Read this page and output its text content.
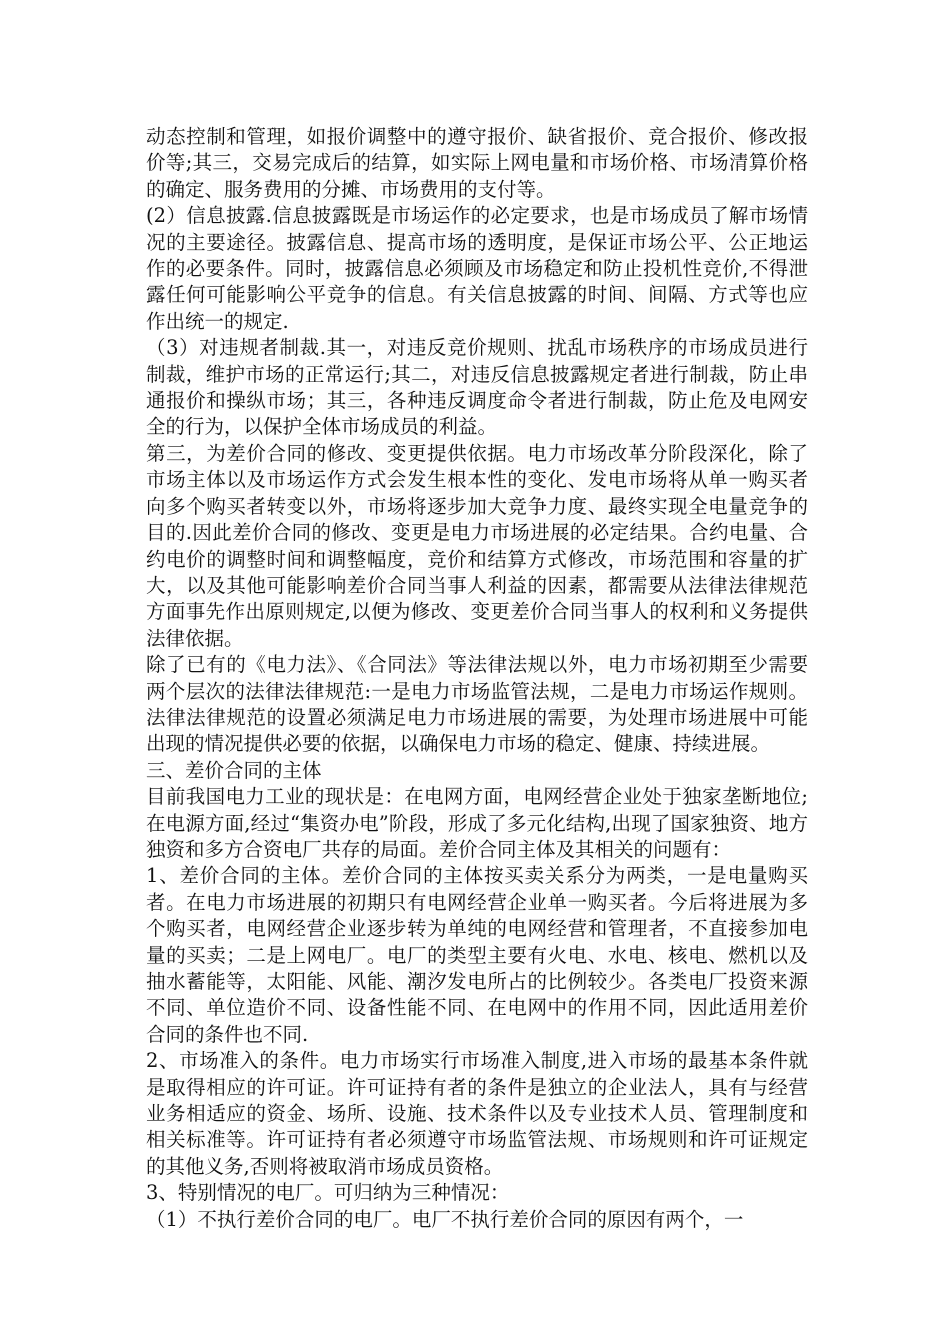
动态控制和管理，如报价调整中的遵守报价、缺省报价、竞合报价、修改报价等;其三，交易完成后的结算，如实际上网电量和市场价格、市场清算价格的确定、服务费用的分摊、市场费用的支付等。

(2）信息披露.信息披露既是市场运作的必定要求，也是市场成员了解市场情况的主要途径。披露信息、提高市场的透明度，是保证市场公平、公正地运作的必要条件。同时，披露信息必须顾及市场稳定和防止投机性竞价,不得泄露任何可能影响公平竞争的信息。有关信息披露的时间、间隔、方式等也应作出统一的规定.

（3）对违规者制裁.其一，对违反竞价规则、扰乱市场秩序的市场成员进行制裁，维护市场的正常运行;其二，对违反信息披露规定者进行制裁，防止串通报价和操纵市场；其三，各种违反调度命令者进行制裁，防止危及电网安全的行为，以保护全体市场成员的利益。

第三，为差价合同的修改、变更提供依据。电力市场改革分阶段深化，除了市场主体以及市场运作方式会发生根本性的变化、发电市场将从单一购买者向多个购买者转变以外，市场将逐步加大竞争力度、最终实现全电量竞争的目的.因此差价合同的修改、变更是电力市场进展的必定结果。合约电量、合约电价的调整时间和调整幅度，竞价和结算方式修改，市场范围和容量的扩大，以及其他可能影响差价合同当事人利益的因素，都需要从法律法律规范方面事先作出原则规定,以便为修改、变更差价合同当事人的权利和义务提供法律依据。

除了已有的《电力法》、《合同法》等法律法规以外，电力市场初期至少需要两个层次的法律法律规范:一是电力市场监管法规，二是电力市场运作规则。法律法律规范的设置必须满足电力市场进展的需要，为处理市场进展中可能出现的情况提供必要的依据，以确保电力市场的稳定、健康、持续进展。

三、差价合同的主体

目前我国电力工业的现状是：在电网方面，电网经营企业处于独家垄断地位;在电源方面,经过“集资办电”阶段，形成了多元化结构,出现了国家独资、地方独资和多方合资电厂共存的局面。差价合同主体及其相关的问题有：

1、差价合同的主体。差价合同的主体按买卖关系分为两类，一是电量购买者。在电力市场进展的初期只有电网经营企业单一购买者。今后将进展为多个购买者，电网经营企业逐步转为单纯的电网经营和管理者，不直接参加电量的买卖；二是上网电厂。电厂的类型主要有火电、水电、核电、燃机以及抽水蓄能等，太阳能、风能、潮汐发电所占的比例较少。各类电厂投资来源不同、单位造价不同、设备性能不同、在电网中的作用不同，因此适用差价合同的条件也不同.

2、市场准入的条件。电力市场实行市场准入制度,进入市场的最基本条件就是取得相应的许可证。许可证持有者的条件是独立的企业法人，具有与经营业务相适应的资金、场所、设施、技术条件以及专业技术人员、管理制度和相关标准等。许可证持有者必须遵守市场监管法规、市场规则和许可证规定的其他义务,否则将被取消市场成员资格。

3、特别情况的电厂。可归纳为三种情况：

（1）不执行差价合同的电厂。电厂不执行差价合同的原因有两个，一
